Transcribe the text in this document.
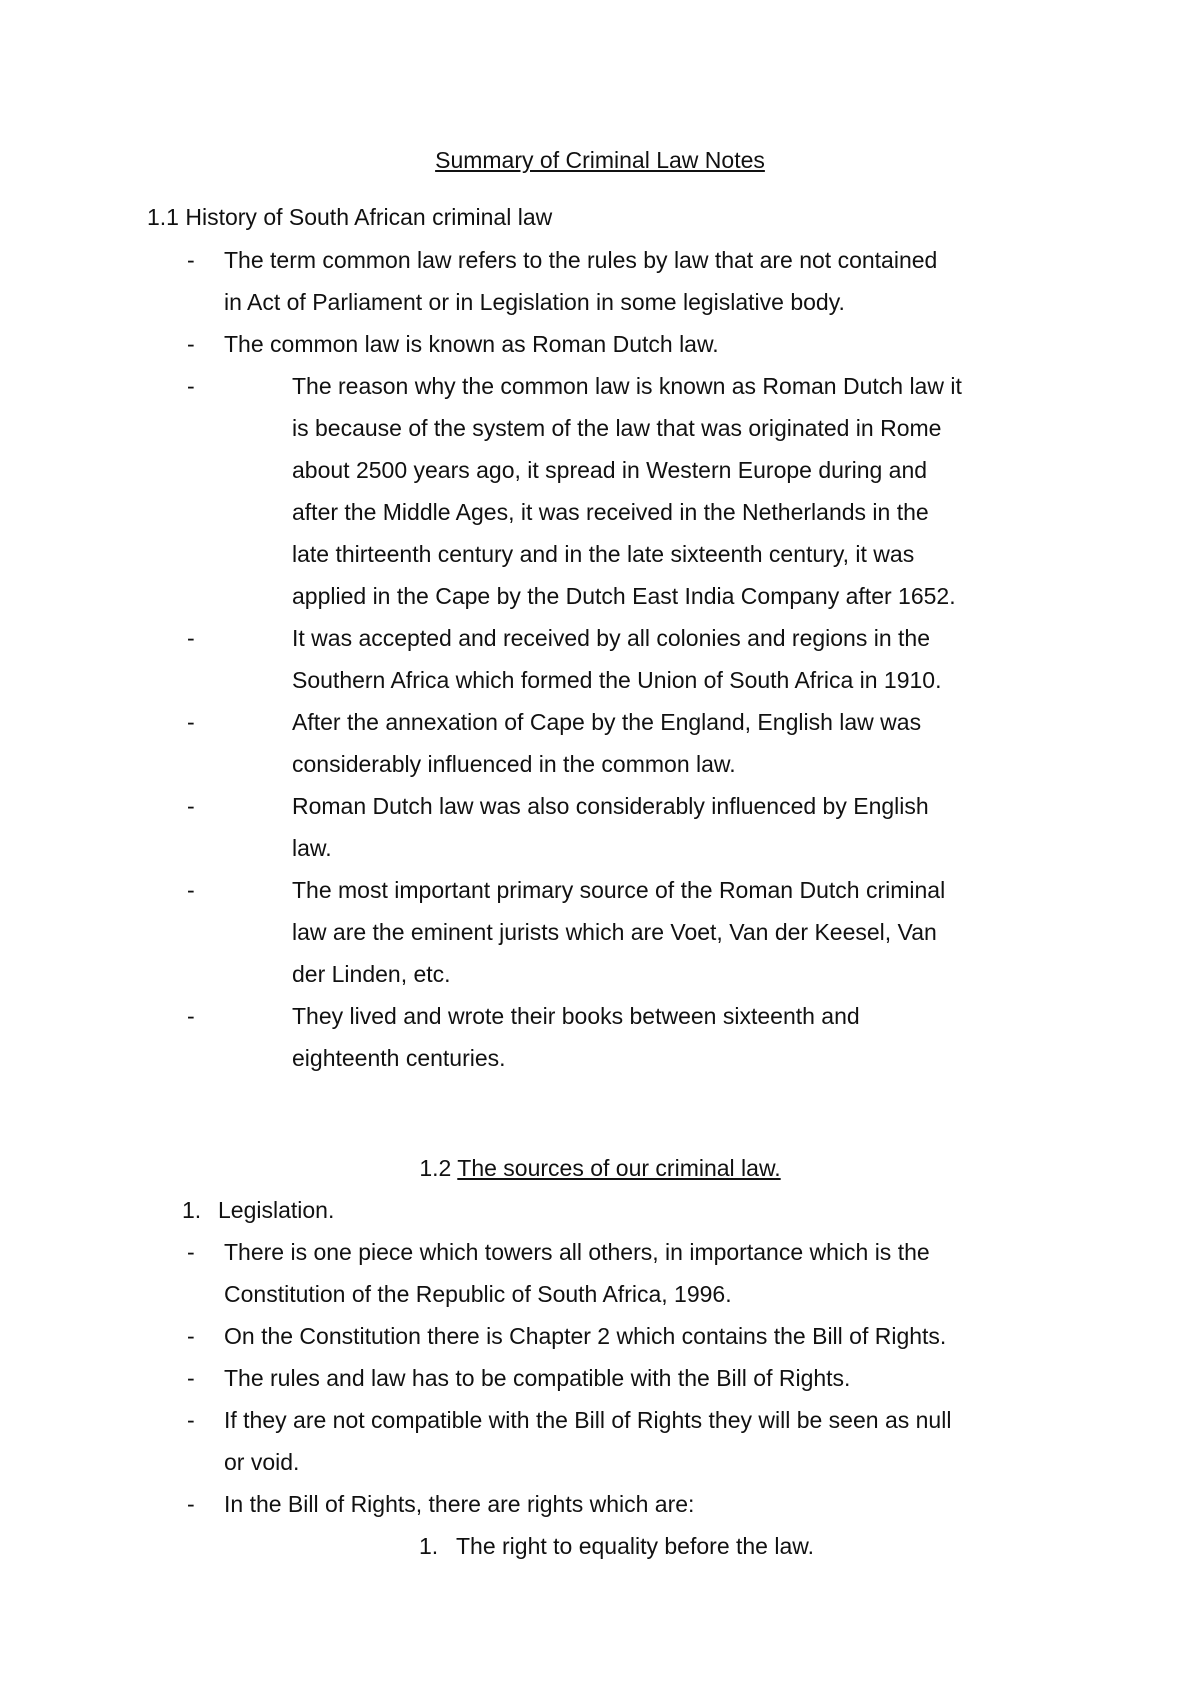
Summary of Criminal Law Notes
1.1 History of South African criminal law
- The term common law refers to the rules by law that are not contained
in Act of Parliament or in Legislation in some legislative body.
- The common law is known as Roman Dutch law.
-	The reason why the common law is known as Roman Dutch law it
is because of the system of the law that was originated in Rome
about 2500 years ago, it spread in Western Europe during and
after the Middle Ages, it was received in the Netherlands in the
late thirteenth century and in the late sixteenth century, it was
applied in the Cape by the Dutch East India Company after 1652.
-	It was accepted and received by all colonies and regions in the
Southern Africa which formed the Union of South Africa in 1910.
-	After the annexation of Cape by the England, English law was
considerably influenced in the common law.
-	Roman Dutch law was also considerably influenced by English
law.
-	The most important primary source of the Roman Dutch criminal
law are the eminent jurists which are Voet, Van der Keesel, Van
der Linden, etc.
-	They lived and wrote their books between sixteenth and
eighteenth centuries.
1.2 The sources of our criminal law.
1. Legislation.
- There is one piece which towers all others, in importance which is the
Constitution of the Republic of South Africa, 1996.
- On the Constitution there is Chapter 2 which contains the Bill of Rights.
- The rules and law has to be compatible with the Bill of Rights.
- If they are not compatible with the Bill of Rights they will be seen as null
or void.
- In the Bill of Rights, there are rights which are:
1. The right to equality before the law.
